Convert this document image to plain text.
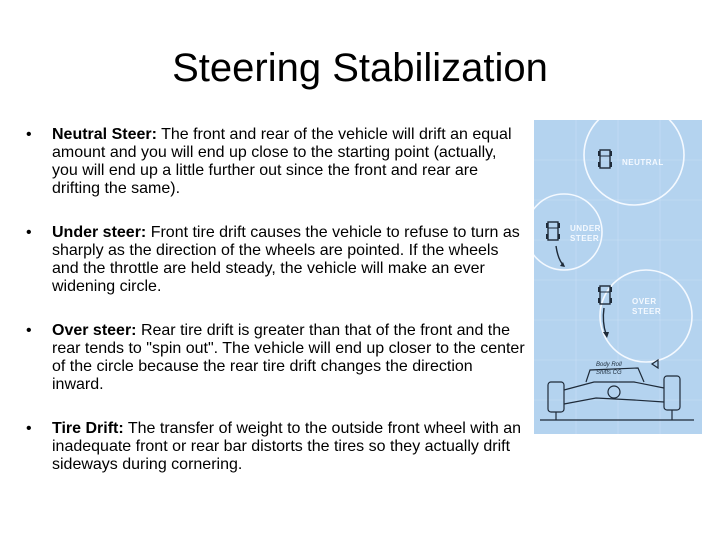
Steering Stabilization
• Neutral Steer: The front and rear of the vehicle will drift an equal amount and you will end up close to the starting point (actually, you will end up a little further out since the front and rear are drifting the same).
• Under steer: Front tire drift causes the vehicle to refuse to turn as sharply as the direction of the wheels are pointed. If the wheels and the throttle are held steady, the vehicle will make an ever widening circle.
• Over steer: Rear tire drift is greater than that of the front and the rear tends to "spin out". The vehicle will end up closer to the center of the circle because the rear tire drift changes the direction inward.
• Tire Drift: The transfer of weight to the outside front wheel with an inadequate front or rear bar distorts the tires so they actually drift sideways during cornering.
NEUTRAL
UNDER
STEER
OVER
STEER
Body Roll
Shifts CG
